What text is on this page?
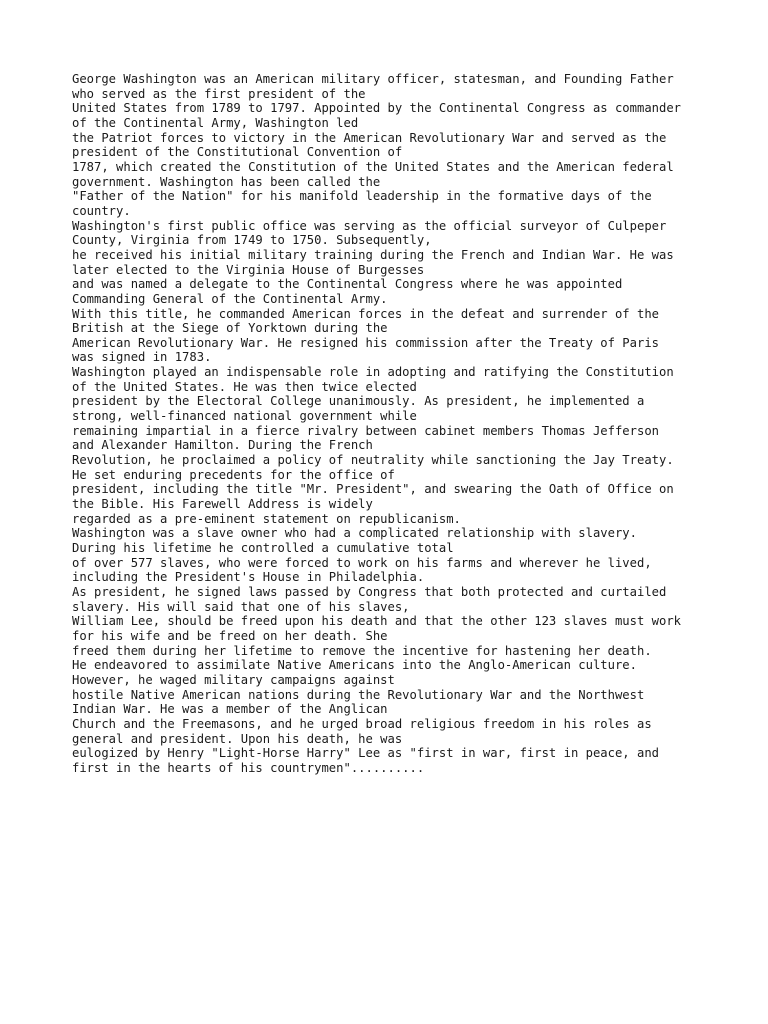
George Washington was an American military officer, statesman, and Founding Father
who served as the first president of the
United States from 1789 to 1797. Appointed by the Continental Congress as commander
of the Continental Army, Washington led
the Patriot forces to victory in the American Revolutionary War and served as the
president of the Constitutional Convention of
1787, which created the Constitution of the United States and the American federal
government. Washington has been called the
"Father of the Nation" for his manifold leadership in the formative days of the
country.
Washington's first public office was serving as the official surveyor of Culpeper
County, Virginia from 1749 to 1750. Subsequently,
he received his initial military training during the French and Indian War. He was
later elected to the Virginia House of Burgesses
and was named a delegate to the Continental Congress where he was appointed
Commanding General of the Continental Army.
With this title, he commanded American forces in the defeat and surrender of the
British at the Siege of Yorktown during the
American Revolutionary War. He resigned his commission after the Treaty of Paris
was signed in 1783.
Washington played an indispensable role in adopting and ratifying the Constitution
of the United States. He was then twice elected
president by the Electoral College unanimously. As president, he implemented a
strong, well-financed national government while
remaining impartial in a fierce rivalry between cabinet members Thomas Jefferson
and Alexander Hamilton. During the French
Revolution, he proclaimed a policy of neutrality while sanctioning the Jay Treaty.
He set enduring precedents for the office of
president, including the title "Mr. President", and swearing the Oath of Office on
the Bible. His Farewell Address is widely
regarded as a pre-eminent statement on republicanism.
Washington was a slave owner who had a complicated relationship with slavery.
During his lifetime he controlled a cumulative total
of over 577 slaves, who were forced to work on his farms and wherever he lived,
including the President's House in Philadelphia.
As president, he signed laws passed by Congress that both protected and curtailed
slavery. His will said that one of his slaves,
William Lee, should be freed upon his death and that the other 123 slaves must work
for his wife and be freed on her death. She
freed them during her lifetime to remove the incentive for hastening her death.
He endeavored to assimilate Native Americans into the Anglo-American culture.
However, he waged military campaigns against
hostile Native American nations during the Revolutionary War and the Northwest
Indian War. He was a member of the Anglican
Church and the Freemasons, and he urged broad religious freedom in his roles as
general and president. Upon his death, he was
eulogized by Henry "Light-Horse Harry" Lee as "first in war, first in peace, and
first in the hearts of his countrymen"..........
